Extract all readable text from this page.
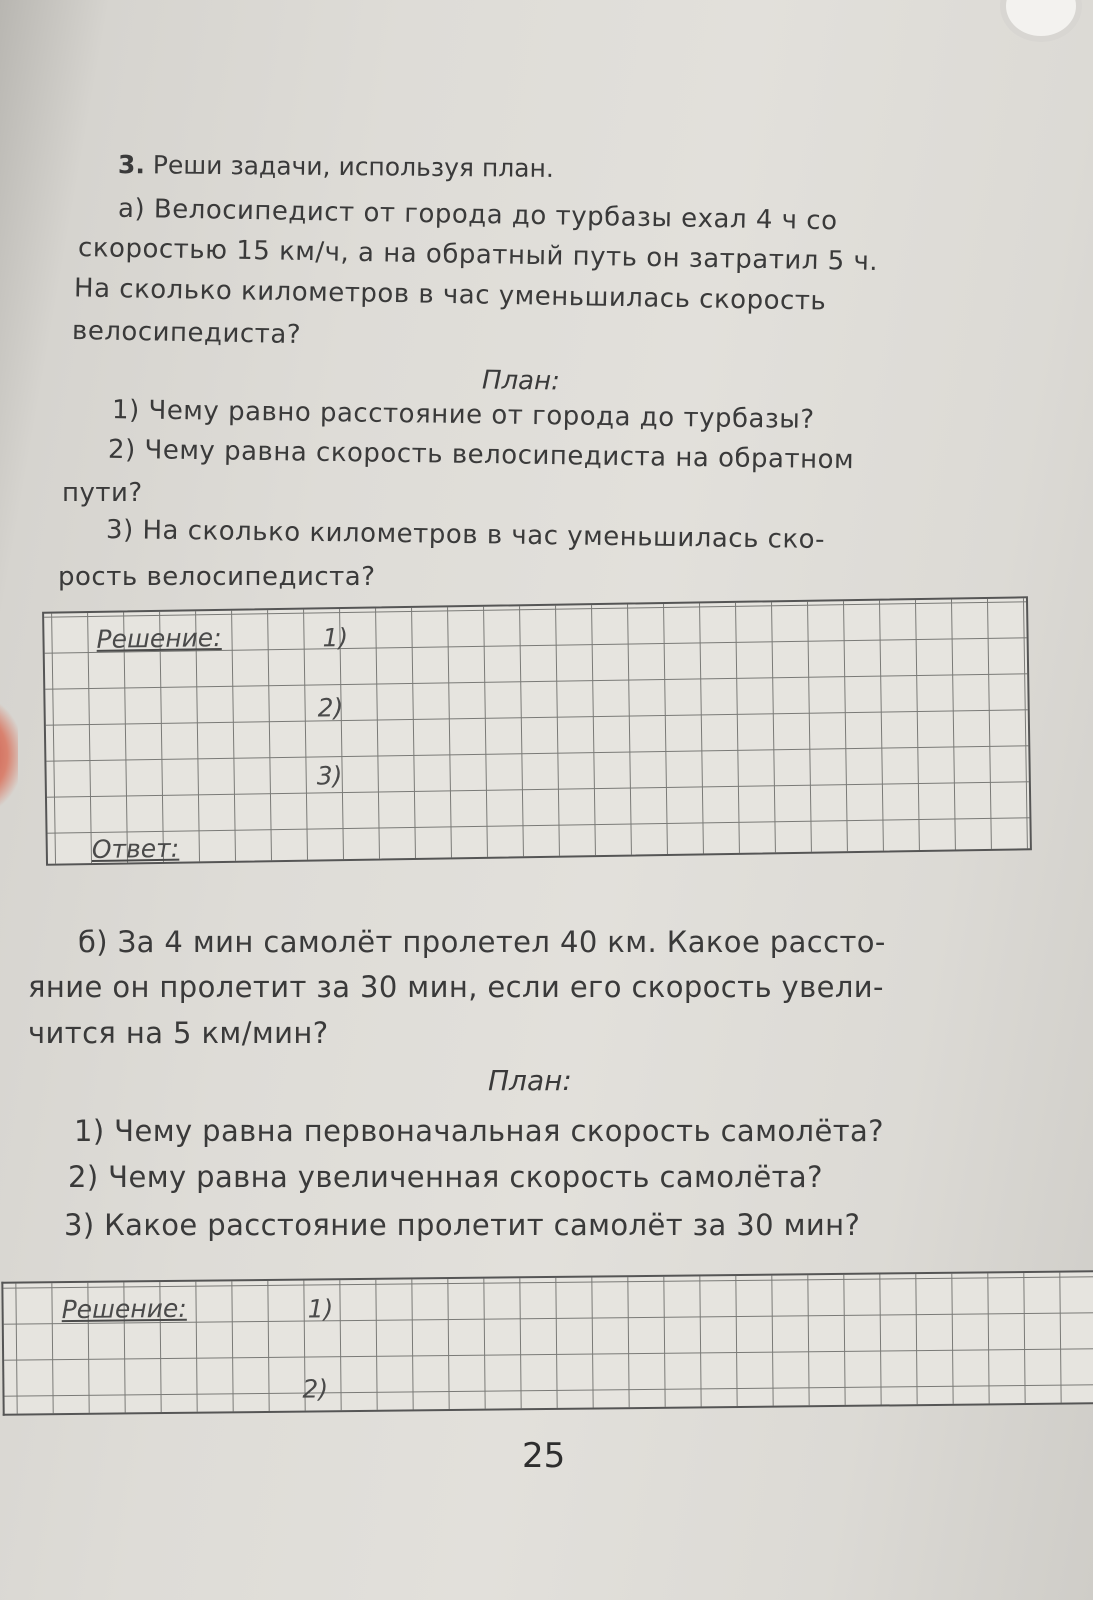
3. Реши задачи, используя план.

а) Велосипедист от города до турбазы ехал 4 ч со

скоростью 15 км/ч, а на обратный путь он затратил 5 ч.

На сколько километров в час уменьшилась скорость

велосипедиста?

План:

1) Чему равно расстояние от города до турбазы?

2) Чему равна скорость велосипедиста на обратном

пути?

3) На сколько километров в час уменьшилась ско-

рость велосипедиста?

Решение:	1)
2)
3)
Ответ:

б) За 4 мин самолёт пролетел 40 км. Какое рассто-

яние он пролетит за 30 мин, если его скорость увели-

чится на 5 км/мин?

План:

1) Чему равна первоначальная скорость самолёта?

2) Чему равна увеличенная скорость самолёта?

3) Какое расстояние пролетит самолёт за 30 мин?

Решение:	1)
2)

25
